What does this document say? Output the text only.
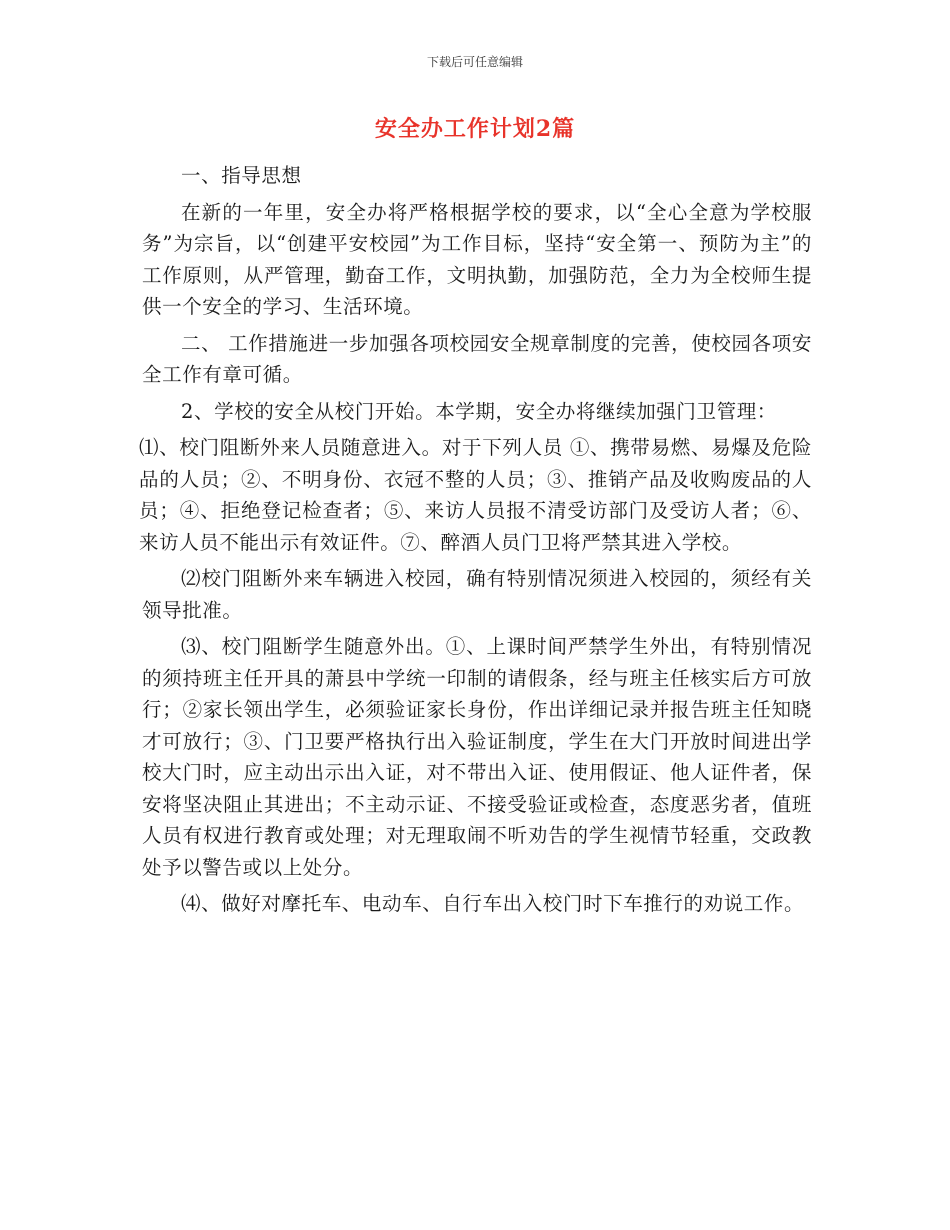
下载后可任意编辑
安全办工作计划2篇

一、指导思想

在新的一年里，安全办将严格根据学校的要求，以“全心全意为学校服务”为宗旨，以“创建平安校园”为工作目标，坚持“安全第一、预防为主”的工作原则，从严管理，勤奋工作，文明执勤，加强防范，全力为全校师生提供一个安全的学习、生活环境。

二、 工作措施进一步加强各项校园安全规章制度的完善，使校园各项安全工作有章可循。

2、学校的安全从校门开始。本学期，安全办将继续加强门卫管理：

⑴、校门阻断外来人员随意进入。对于下列人员 ①、携带易燃、易爆及危险品的人员；②、不明身份、衣冠不整的人员；③、推销产品及收购废品的人员；④、拒绝登记检查者；⑤、来访人员报不清受访部门及受访人者；⑥、来访人员不能出示有效证件。⑦、醉酒人员门卫将严禁其进入学校。

⑵校门阻断外来车辆进入校园，确有特别情况须进入校园的，须经有关领导批准。

⑶、校门阻断学生随意外出。①、上课时间严禁学生外出，有特别情况的须持班主任开具的萧县中学统一印制的请假条，经与班主任核实后方可放行；②家长领出学生，必须验证家长身份，作出详细记录并报告班主任知晓才可放行；③、门卫要严格执行出入验证制度，学生在大门开放时间进出学校大门时，应主动出示出入证，对不带出入证、使用假证、他人证件者，保安将坚决阻止其进出；不主动示证、不接受验证或检查，态度恶劣者，值班人员有权进行教育或处理；对无理取闹不听劝告的学生视情节轻重，交政教处予以警告或以上处分。

⑷、做好对摩托车、电动车、自行车出入校门时下车推行的劝说工作。
